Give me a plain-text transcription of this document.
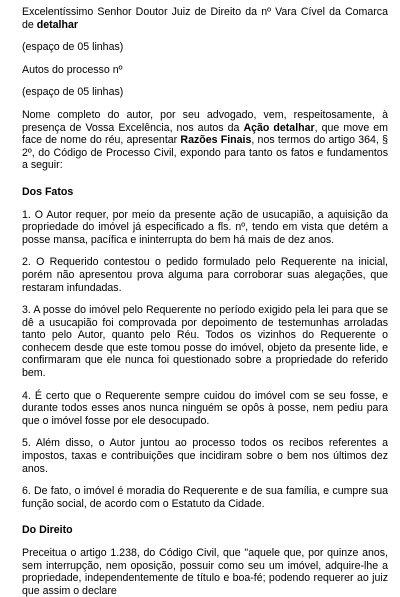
Excelentíssimo Senhor Doutor Juiz de Direito da nº Vara Cível da Comarca de detalhar

(espaço de 05 linhas)

Autos do processo nº

(espaço de 05 linhas)

Nome completo do autor, por seu advogado, vem, respeitosamente, à presença de Vossa Excelência, nos autos da Ação detalhar, que move em face de nome do réu, apresentar Razões Finais, nos termos do artigo 364, § 2º, do Código de Processo Civil, expondo para tanto os fatos e fundamentos a seguir:

Dos Fatos

1. O Autor requer, por meio da presente ação de usucapião, a aquisição da propriedade do imóvel já especificado a fls. nº, tendo em vista que detém a posse mansa, pacífica e ininterrupta do bem há mais de dez anos.

2. O Requerido contestou o pedido formulado pelo Requerente na inicial, porém não apresentou prova alguma para corroborar suas alegações, que restaram infundadas.

3. A posse do imóvel pelo Requerente no período exigido pela lei para que se dê a usucapião foi comprovada por depoimento de testemunhas arroladas tanto pelo Autor, quanto pelo Réu. Todos os vizinhos do Requerente o conhecem desde que este tomou posse do imóvel, objeto da presente lide, e confirmaram que ele nunca foi questionado sobre a propriedade do referido bem.

4. É certo que o Requerente sempre cuidou do imóvel com se seu fosse, e durante todos esses anos nunca ninguém se opôs à posse, nem pediu para que o imóvel fosse por ele desocupado.

5. Além disso, o Autor juntou ao processo todos os recibos referentes a impostos, taxas e contribuições que incidiram sobre o bem nos últimos dez anos.

6. De fato, o imóvel é moradia do Requerente e de sua família, e cumpre sua função social, de acordo com o Estatuto da Cidade.

Do Direito

Preceitua o artigo 1.238, do Código Civil, que "aquele que, por quinze anos, sem interrupção, nem oposição, possuir como seu um imóvel, adquire-lhe a propriedade, independentemente de título e boa-fé; podendo requerer ao juiz que assim o declare
